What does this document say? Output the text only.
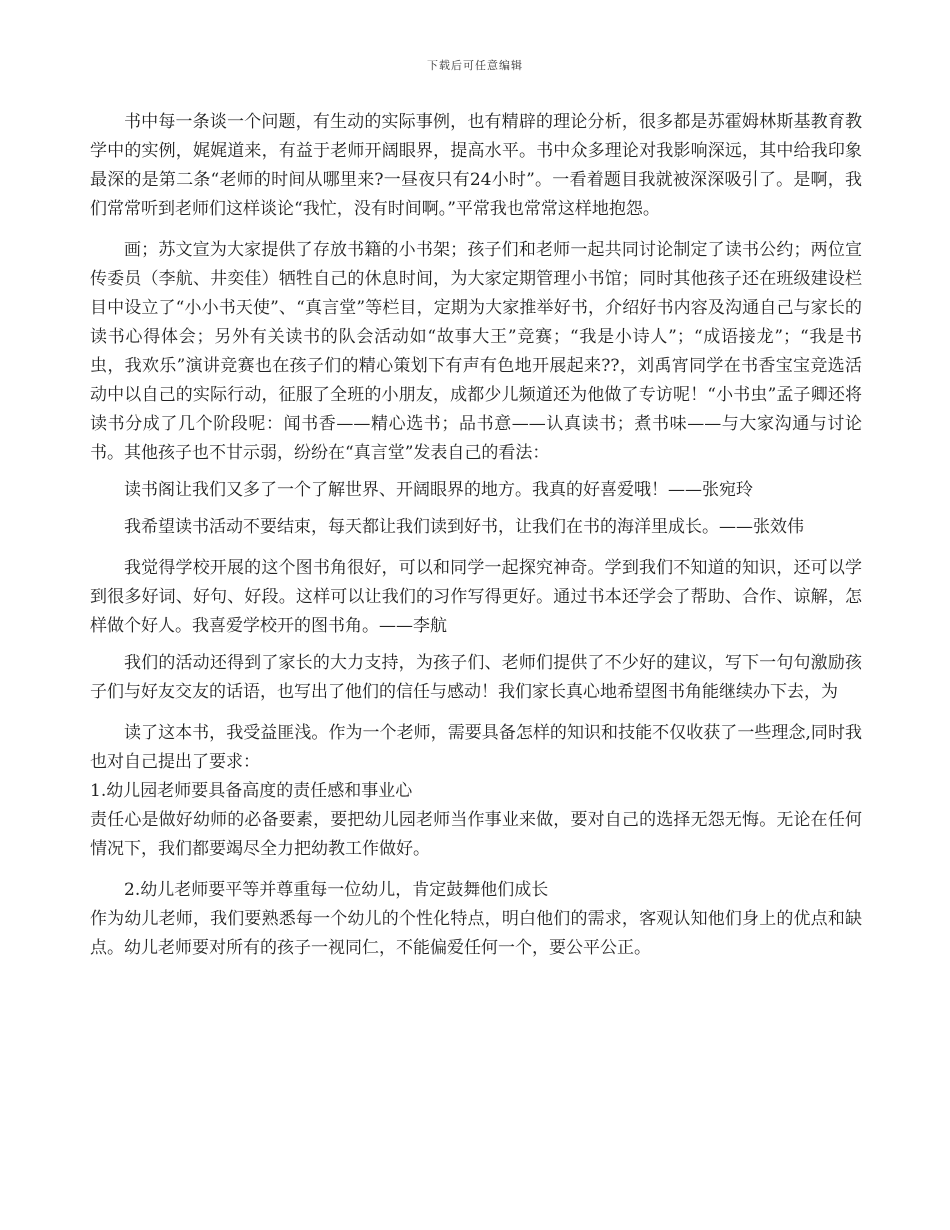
下载后可任意编辑

书中每一条谈一个问题，有生动的实际事例，也有精辟的理论分析，很多都是苏霍姆林斯基教育教学中的实例，娓娓道来，有益于老师开阔眼界，提高水平。书中众多理论对我影响深远，其中给我印象最深的是第二条“老师的时间从哪里来?一昼夜只有24小时”。一看着题目我就被深深吸引了。是啊，我们常常听到老师们这样谈论“我忙，没有时间啊。”平常我也常常这样地抱怨。

画；苏文宣为大家提供了存放书籍的小书架；孩子们和老师一起共同讨论制定了读书公约；两位宣传委员（李航、井奕佳）牺牲自己的休息时间，为大家定期管理小书馆；同时其他孩子还在班级建设栏目中设立了“小小书天使”、“真言堂”等栏目，定期为大家推举好书，介绍好书内容及沟通自己与家长的读书心得体会；另外有关读书的队会活动如“故事大王”竞赛；“我是小诗人”；“成语接龙”；“我是书虫，我欢乐”演讲竞赛也在孩子们的精心策划下有声有色地开展起来??，刘禹宵同学在书香宝宝竞选活动中以自己的实际行动，征服了全班的小朋友，成都少儿频道还为他做了专访呢！“小书虫”孟子卿还将读书分成了几个阶段呢：闻书香——精心选书；品书意——认真读书；煮书味——与大家沟通与讨论书。其他孩子也不甘示弱，纷纷在“真言堂”发表自己的看法：

读书阁让我们又多了一个了解世界、开阔眼界的地方。我真的好喜爱哦！——张宛玲

我希望读书活动不要结束，每天都让我们读到好书，让我们在书的海洋里成长。——张效伟

我觉得学校开展的这个图书角很好，可以和同学一起探究神奇。学到我们不知道的知识，还可以学到很多好词、好句、好段。这样可以让我们的习作写得更好。通过书本还学会了帮助、合作、谅解，怎样做个好人。我喜爱学校开的图书角。——李航

我们的活动还得到了家长的大力支持，为孩子们、老师们提供了不少好的建议，写下一句句激励孩子们与好友交友的话语，也写出了他们的信任与感动！我们家长真心地希望图书角能继续办下去，为

读了这本书，我受益匪浅。作为一个老师，需要具备怎样的知识和技能不仅收获了一些理念,同时我也对自己提出了要求：

1.幼儿园老师要具备高度的责任感和事业心

责任心是做好幼师的必备要素，要把幼儿园老师当作事业来做，要对自己的选择无怨无悔。无论在任何情况下，我们都要竭尽全力把幼教工作做好。

2.幼儿老师要平等并尊重每一位幼儿，肯定鼓舞他们成长

作为幼儿老师，我们要熟悉每一个幼儿的个性化特点，明白他们的需求，客观认知他们身上的优点和缺点。幼儿老师要对所有的孩子一视同仁，不能偏爱任何一个，要公平公正。
